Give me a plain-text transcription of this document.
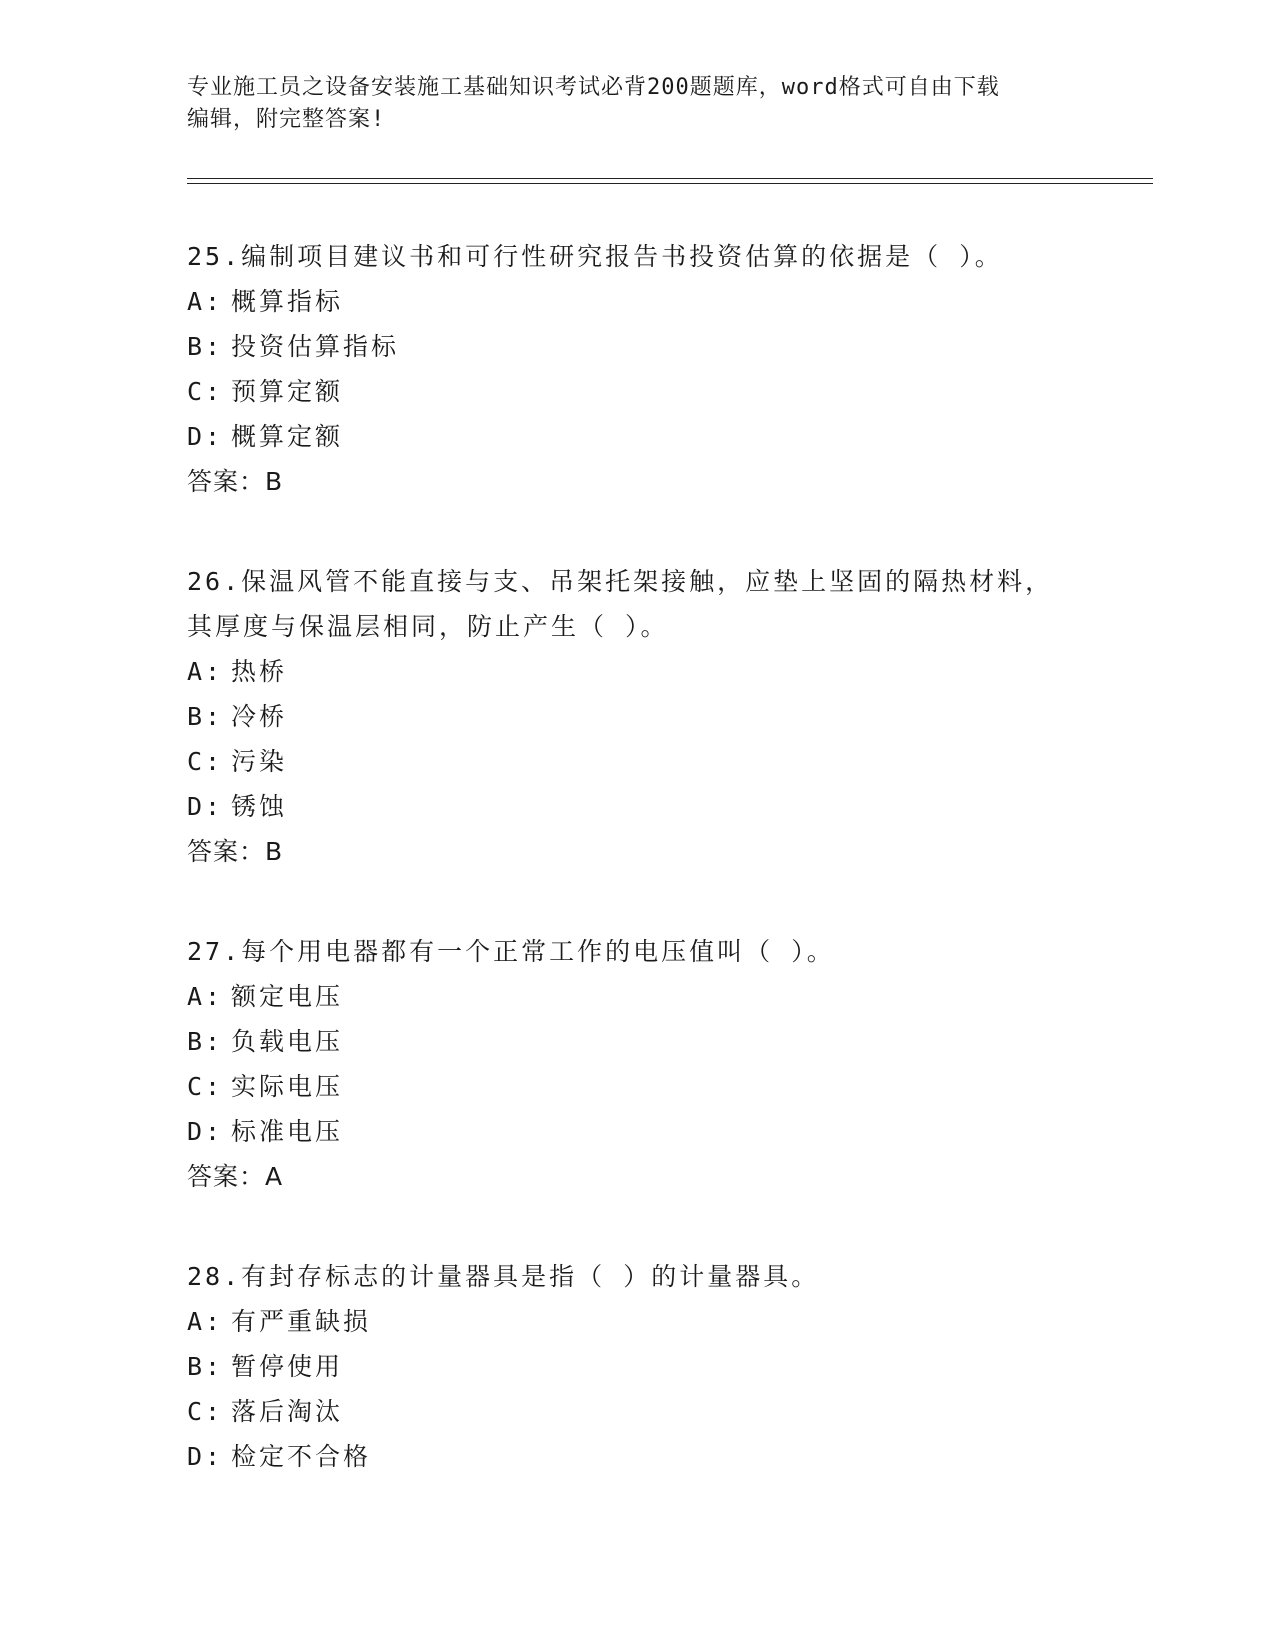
专业施工员之设备安装施工基础知识考试必背200题题库，word格式可自由下载
编辑，附完整答案!

25.编制项目建议书和可行性研究报告书投资估算的依据是（ ）。

A: 概算指标

B: 投资估算指标

C: 预算定额

D: 概算定额

答案：B

26.保温风管不能直接与支、吊架托架接触，应垫上坚固的隔热材料，

其厚度与保温层相同，防止产生（ ）。

A: 热桥

B: 冷桥

C: 污染

D: 锈蚀

答案：B

27.每个用电器都有一个正常工作的电压值叫（ ）。

A: 额定电压

B: 负载电压

C: 实际电压

D: 标准电压

答案：A

28.有封存标志的计量器具是指（ ）的计量器具。

A: 有严重缺损

B: 暂停使用

C: 落后淘汰

D: 检定不合格
